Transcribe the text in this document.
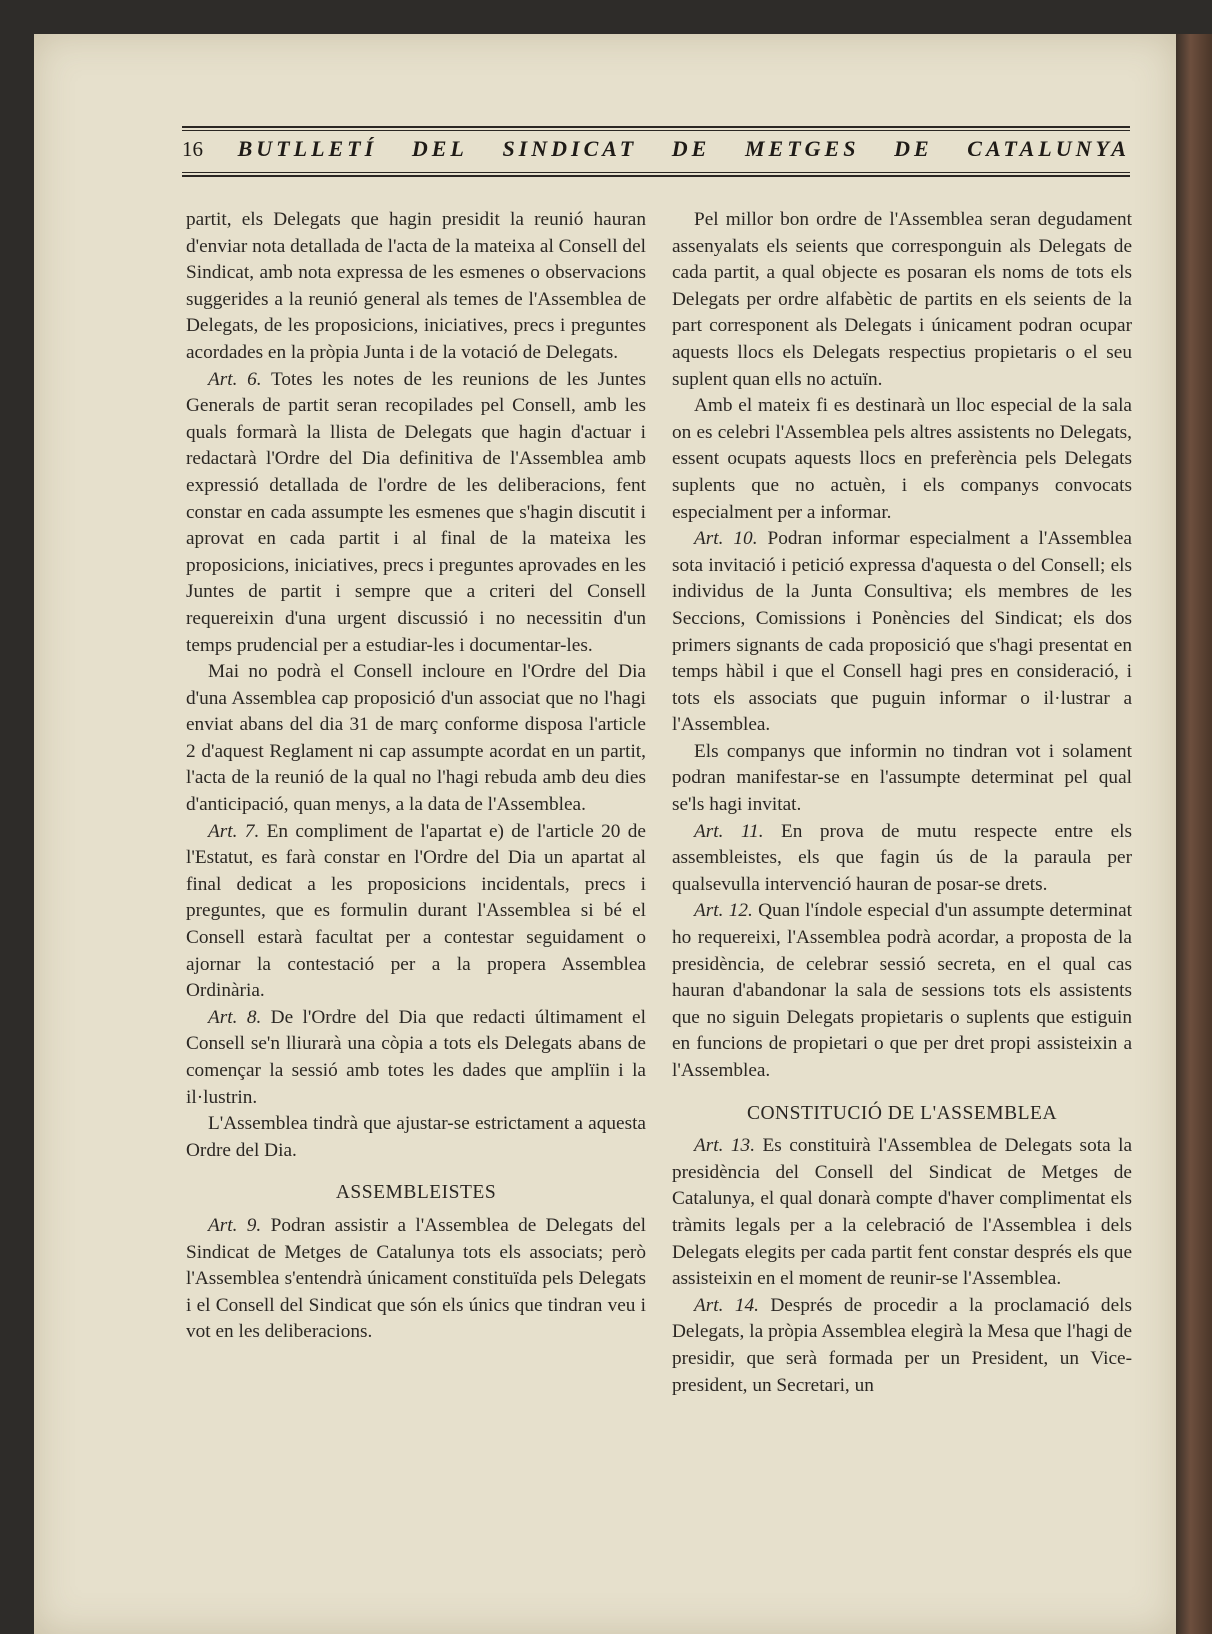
16 BUTLLETÍ DEL SINDICAT DE METGES DE CATALUNYA

partit, els Delegats que hagin presidit la reunió hauran d'enviar nota detallada de l'acta de la mateixa al Consell del Sindicat, amb nota expressa de les esmenes o observacions suggerides a la reunió general als temes de l'Assemblea de Delegats, de les proposicions, iniciatives, precs i preguntes acordades en la pròpia Junta i de la votació de Delegats.

Art. 6. Totes les notes de les reunions de les Juntes Generals de partit seran recopilades pel Consell, amb les quals formarà la llista de Delegats que hagin d'actuar i redactarà l'Ordre del Dia definitiva de l'Assemblea amb expressió detallada de l'ordre de les deliberacions, fent constar en cada assumpte les esmenes que s'hagin discutit i aprovat en cada partit i al final de la mateixa les proposicions, iniciatives, precs i preguntes aprovades en les Juntes de partit i sempre que a criteri del Consell requereixin d'una urgent discussió i no necessitin d'un temps prudencial per a estudiar-les i documentar-les.

Mai no podrà el Consell incloure en l'Ordre del Dia d'una Assemblea cap proposició d'un associat que no l'hagi enviat abans del dia 31 de març conforme disposa l'article 2 d'aquest Reglament ni cap assumpte acordat en un partit, l'acta de la reunió de la qual no l'hagi rebuda amb deu dies d'anticipació, quan menys, a la data de l'Assemblea.

Art. 7. En compliment de l'apartat e) de l'article 20 de l'Estatut, es farà constar en l'Ordre del Dia un apartat al final dedicat a les proposicions incidentals, precs i preguntes, que es formulin durant l'Assemblea si bé el Consell estarà facultat per a contestar seguidament o ajornar la contestació per a la propera Assemblea Ordinària.

Art. 8. De l'Ordre del Dia que redacti últimament el Consell se'n lliurarà una còpia a tots els Delegats abans de començar la sessió amb totes les dades que amplïin i la il·lustrin.

L'Assemblea tindrà que ajustar-se estrictament a aquesta Ordre del Dia.

ASSEMBLEISTES

Art. 9. Podran assistir a l'Assemblea de Delegats del Sindicat de Metges de Catalunya tots els associats; però l'Assemblea s'entendrà únicament constituïda pels Delegats i el Consell del Sindicat que són els únics que tindran veu i vot en les deliberacions.

Pel millor bon ordre de l'Assemblea seran degudament assenyalats els seients que corresponguin als Delegats de cada partit, a qual objecte es posaran els noms de tots els Delegats per ordre alfabètic de partits en els seients de la part corresponent als Delegats i únicament podran ocupar aquests llocs els Delegats respectius propietaris o el seu suplent quan ells no actuïn.

Amb el mateix fi es destinarà un lloc especial de la sala on es celebri l'Assemblea pels altres assistents no Delegats, essent ocupats aquests llocs en preferència pels Delegats suplents que no actuèn, i els companys convocats especialment per a informar.

Art. 10. Podran informar especialment a l'Assemblea sota invitació i petició expressa d'aquesta o del Consell; els individus de la Junta Consultiva; els membres de les Seccions, Comissions i Ponències del Sindicat; els dos primers signants de cada proposició que s'hagi presentat en temps hàbil i que el Consell hagi pres en consideració, i tots els associats que puguin informar o il·lustrar a l'Assemblea.

Els companys que informin no tindran vot i solament podran manifestar-se en l'assumpte determinat pel qual se'ls hagi invitat.

Art. 11. En prova de mutu respecte entre els assembleistes, els que fagin ús de la paraula per qualsevulla intervenció hauran de posar-se drets.

Art. 12. Quan l'índole especial d'un assumpte determinat ho requereixi, l'Assemblea podrà acordar, a proposta de la presidència, de celebrar sessió secreta, en el qual cas hauran d'abandonar la sala de sessions tots els assistents que no siguin Delegats propietaris o suplents que estiguin en funcions de propietari o que per dret propi assisteixin a l'Assemblea.

CONSTITUCIÓ DE L'ASSEMBLEA

Art. 13. Es constituirà l'Assemblea de Delegats sota la presidència del Consell del Sindicat de Metges de Catalunya, el qual donarà compte d'haver complimentat els tràmits legals per a la celebració de l'Assemblea i dels Delegats elegits per cada partit fent constar després els que assisteixin en el moment de reunir-se l'Assemblea.

Art. 14. Després de procedir a la proclamació dels Delegats, la pròpia Assemblea elegirà la Mesa que l'hagi de presidir, que serà formada per un President, un Vice-president, un Secretari, un
